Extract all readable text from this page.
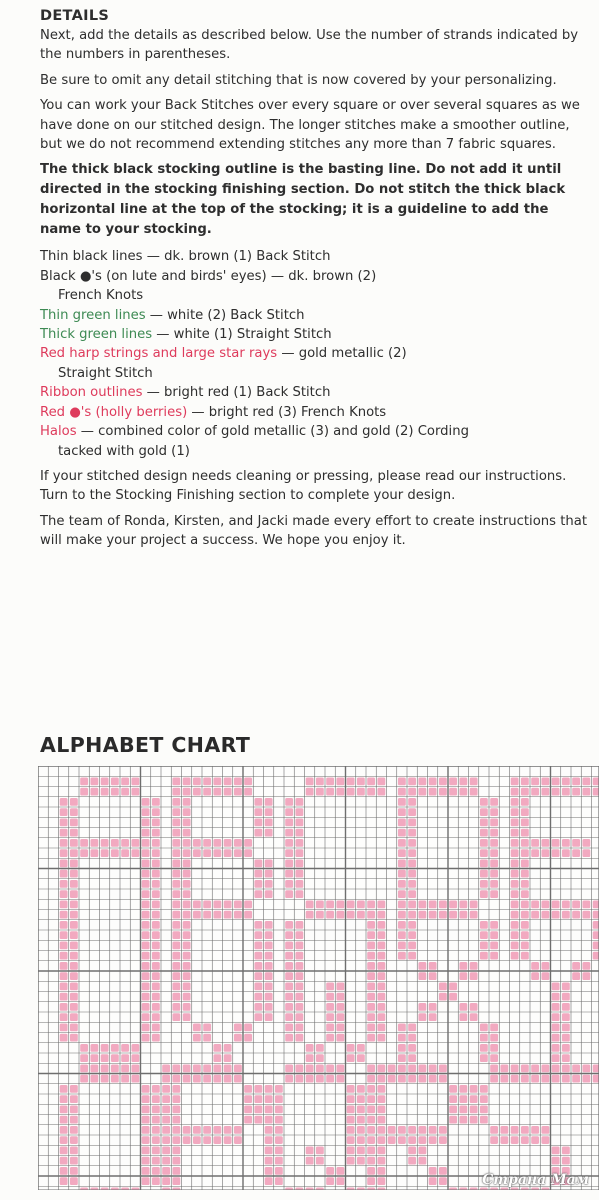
DETAILS

Next, add the details as described below. Use the number of strands indicated by the numbers in parentheses.

Be sure to omit any detail stitching that is now covered by your personalizing.

You can work your Back Stitches over every square or over several squares as we have done on our stitched design. The longer stitches make a smoother outline, but we do not recommend extending stitches any more than 7 fabric squares.

The thick black stocking outline is the basting line. Do not add it until directed in the stocking finishing section. Do not stitch the thick black horizontal line at the top of the stocking; it is a guideline to add the name to your stocking.

Thin black lines — dk. brown (1) Back Stitch

Black ●'s (on lute and birds' eyes) — dk. brown (2)

French Knots

Thin green lines — white (2) Back Stitch

Thick green lines — white (1) Straight Stitch

Red harp strings and large star rays — gold metallic (2)

Straight Stitch

Ribbon outlines — bright red (1) Back Stitch

Red ●'s (holly berries) — bright red (3) French Knots

Halos — combined color of gold metallic (3) and gold (2) Cording

tacked with gold (1)

If your stitched design needs cleaning or pressing, please read our instructions. Turn to the Stocking Finishing section to complete your design.

The team of Ronda, Kirsten, and Jacki made every effort to create instructions that will make your project a success. We hope you enjoy it.

ALPHABET CHART

Страна Мам
